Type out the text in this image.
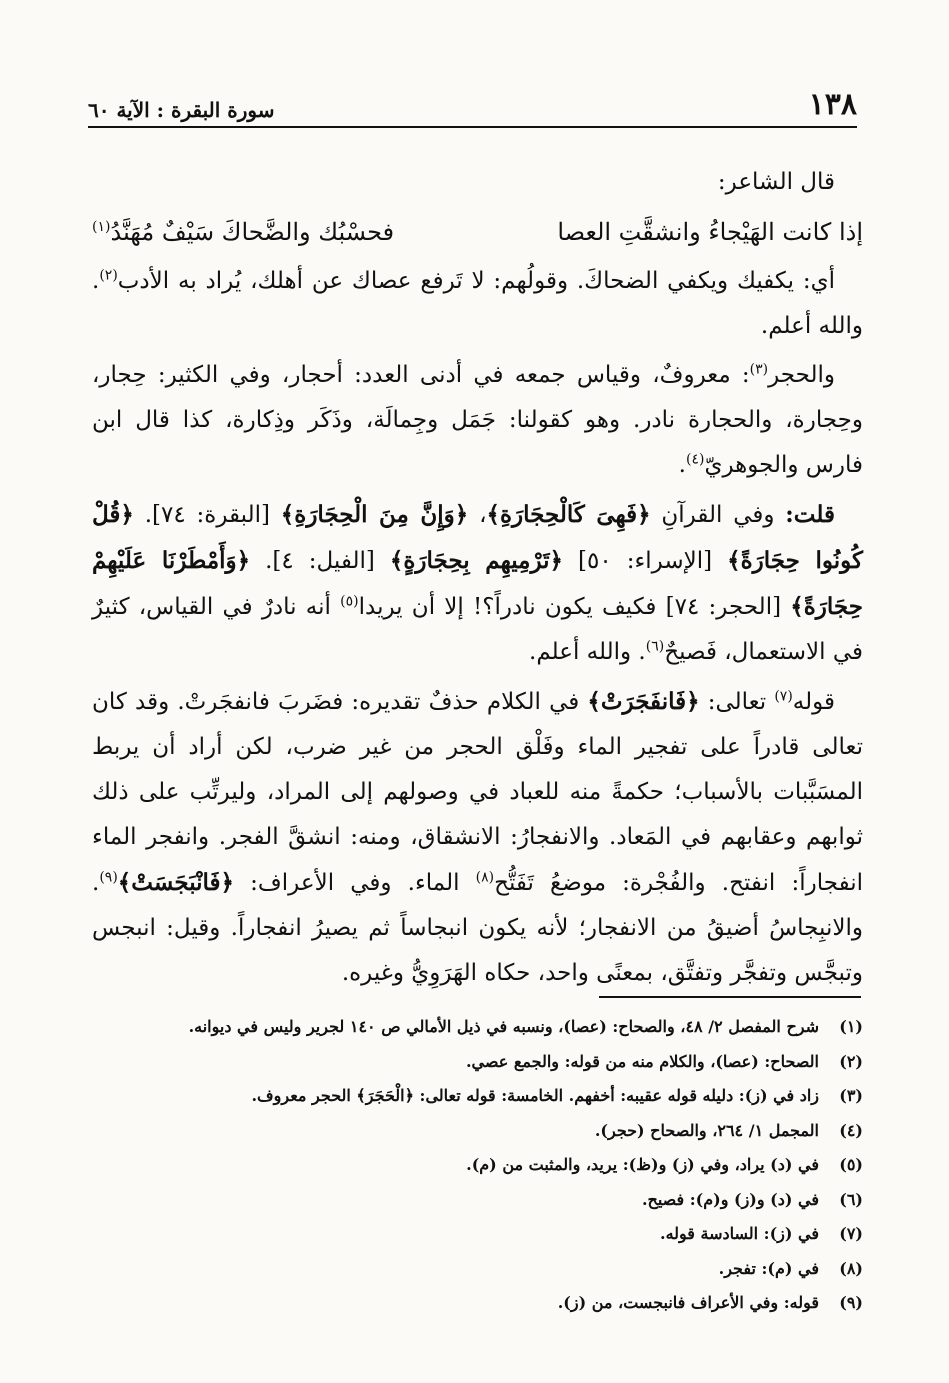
١٣٨
سورة البقرة : الآية ٦٠

قال الشاعر:

إذا كانت الهَيْجاءُ وانشقَّتِ العصا
فحسْبُك والضَّحاكَ سَيْفٌ مُهَنَّدُ$^{(١)}$

أي: يكفيك ويكفي الضحاكَ. وقولُهم: لا تَرفع عصاك عن أهلك، يُراد به الأدب$^{(٢)}$. والله أعلم.

والحجر$^{(٣)}$: معروفٌ، وقياس جمعه في أدنى العدد: أحجار، وفي الكثير: حِجار، وحِجارة، والحجارة نادر. وهو كقولنا: جَمَل وجِمالَة، وذَكَر وذِكارة، كذا قال ابن فارس والجوهريّ$^{(٤)}$.

قلت: وفي القرآنِ ﴿فَهِىَ كَالْحِجَارَةِ﴾، ﴿وَإِنَّ مِنَ الْحِجَارَةِ﴾ [البقرة: ٧٤]. ﴿قُلْ كُونُوا حِجَارَةً﴾ [الإسراء: ٥٠] ﴿تَرْمِيهِم بِحِجَارَةٍ﴾ [الفيل: ٤]. ﴿وَأَمْطَرْنَا عَلَيْهِمْ حِجَارَةً﴾ [الحجر: ٧٤] فكيف يكون نادراً؟! إلا أن يريدا$^{(٥)}$ أنه نادرٌ في القياس، كثيرٌ في الاستعمال، فَصيحٌ$^{(٦)}$. والله أعلم.

قوله$^{(٧)}$ تعالى: ﴿فَانفَجَرَتْ﴾ في الكلام حذفٌ تقديره: فضَربَ فانفجَرتْ. وقد كان تعالى قادراً على تفجير الماء وفَلْق الحجر من غير ضرب، لكن أراد أن يربط المسَبَّبات بالأسباب؛ حكمةً منه للعباد في وصولهم إلى المراد، وليرتِّب على ذلك ثوابهم وعقابهم في المَعاد. والانفجارُ: الانشقاق، ومنه: انشقَّ الفجر. وانفجر الماء انفجاراً: انفتح. والفُجْرة: موضعُ تَفَتُّح$^{(٨)}$ الماء. وفي الأعراف: ﴿فَانْبَجَسَتْ﴾$^{(٩)}$. والانبِجاسُ أضيقُ من الانفجار؛ لأنه يكون انبجاساً ثم يصيرُ انفجاراً. وقيل: انبجس وتبجَّس وتفجَّر وتفتَّق، بمعنًى واحد، حكاه الهَرَوِيُّ وغيره.

(١)
شرح المفصل ٢/ ٤٨، والصحاح: (عصا)، ونسبه في ذيل الأمالي ص ١٤٠ لجرير وليس في ديوانه.
(٢)
الصحاح: (عصا)، والكلام منه من قوله: والجمع عصي.
(٣)
زاد في (ز): دليله قوله عقيبه: أخفهم. الخامسة: قوله تعالى: ﴿الْحَجَرَ﴾ الحجر معروف.
(٤)
المجمل ١/ ٢٦٤، والصحاح (حجر).
(٥)
في (د) يراد، وفي (ز) و(ظ): يريد، والمثبت من (م).
(٦)
في (د) و(ز) و(م): فصيح.
(٧)
في (ز): السادسة قوله.
(٨)
في (م): تفجر.
(٩)
قوله: وفي الأعراف فانبجست، من (ز).
